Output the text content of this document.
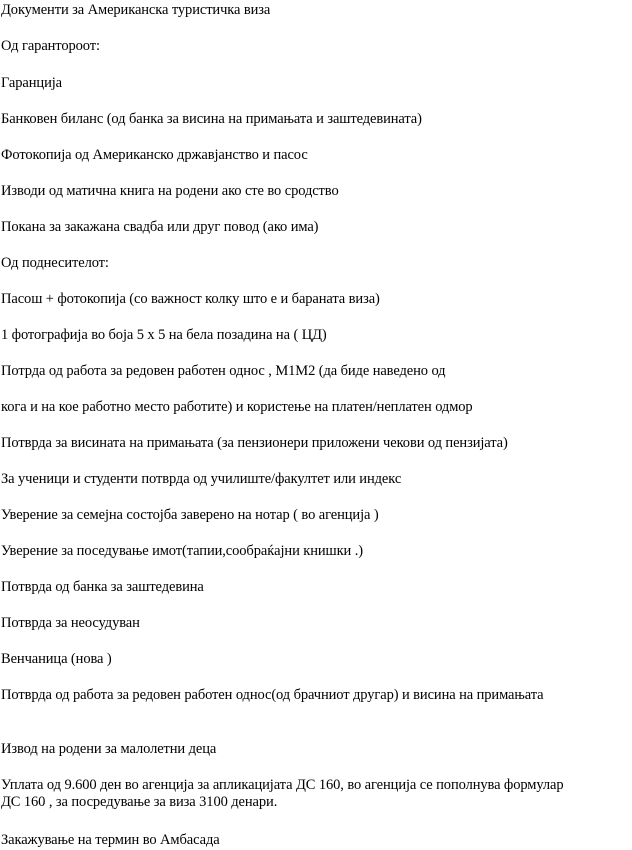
Документи за Американска туристичка виза
Од гарантороот:
Гаранција
Банковен биланс (од банка за висина на примањата и заштедевината)
Фотокопија од Американско државјанство и пасос
Изводи од матична книга на родени ако сте во сродство
Покана за закажана свадба или друг повод (ако има)
Од поднесителот:
Пасош + фотокопија (со важност колку што е и бараната виза)
1 фотографија во боја 5 х 5 на бела позадина на ( ЦД)
Потрда од работа за редовен работен однос , М1М2 (да биде наведено од
кога и на кое работно место работите) и користење на платен/неплатен одмор
Потврда за висината на примањата (за пензионери приложени чекови од пензијата)
За ученици и студенти потврда од училиште/факултет или индекс
Уверение за семејна состојба заверено на нотар ( во агенција )
Уверение за поседување имот(тапии,сообраќајни книшки .)
Потврда од банка за заштедевина
Потврда за неосудуван
Венчаница (нова )
Потврда од работа за редовен работен однос(од брачниот другар) и висина на примањата
Извод на родени за малолетни деца
Уплата од 9.600 ден во агенција за апликацијата ДС 160, во агенција се пополнува формулар ДС 160 , за посредување за виза 3100 денари.
Закажување на термин во Амбасада
